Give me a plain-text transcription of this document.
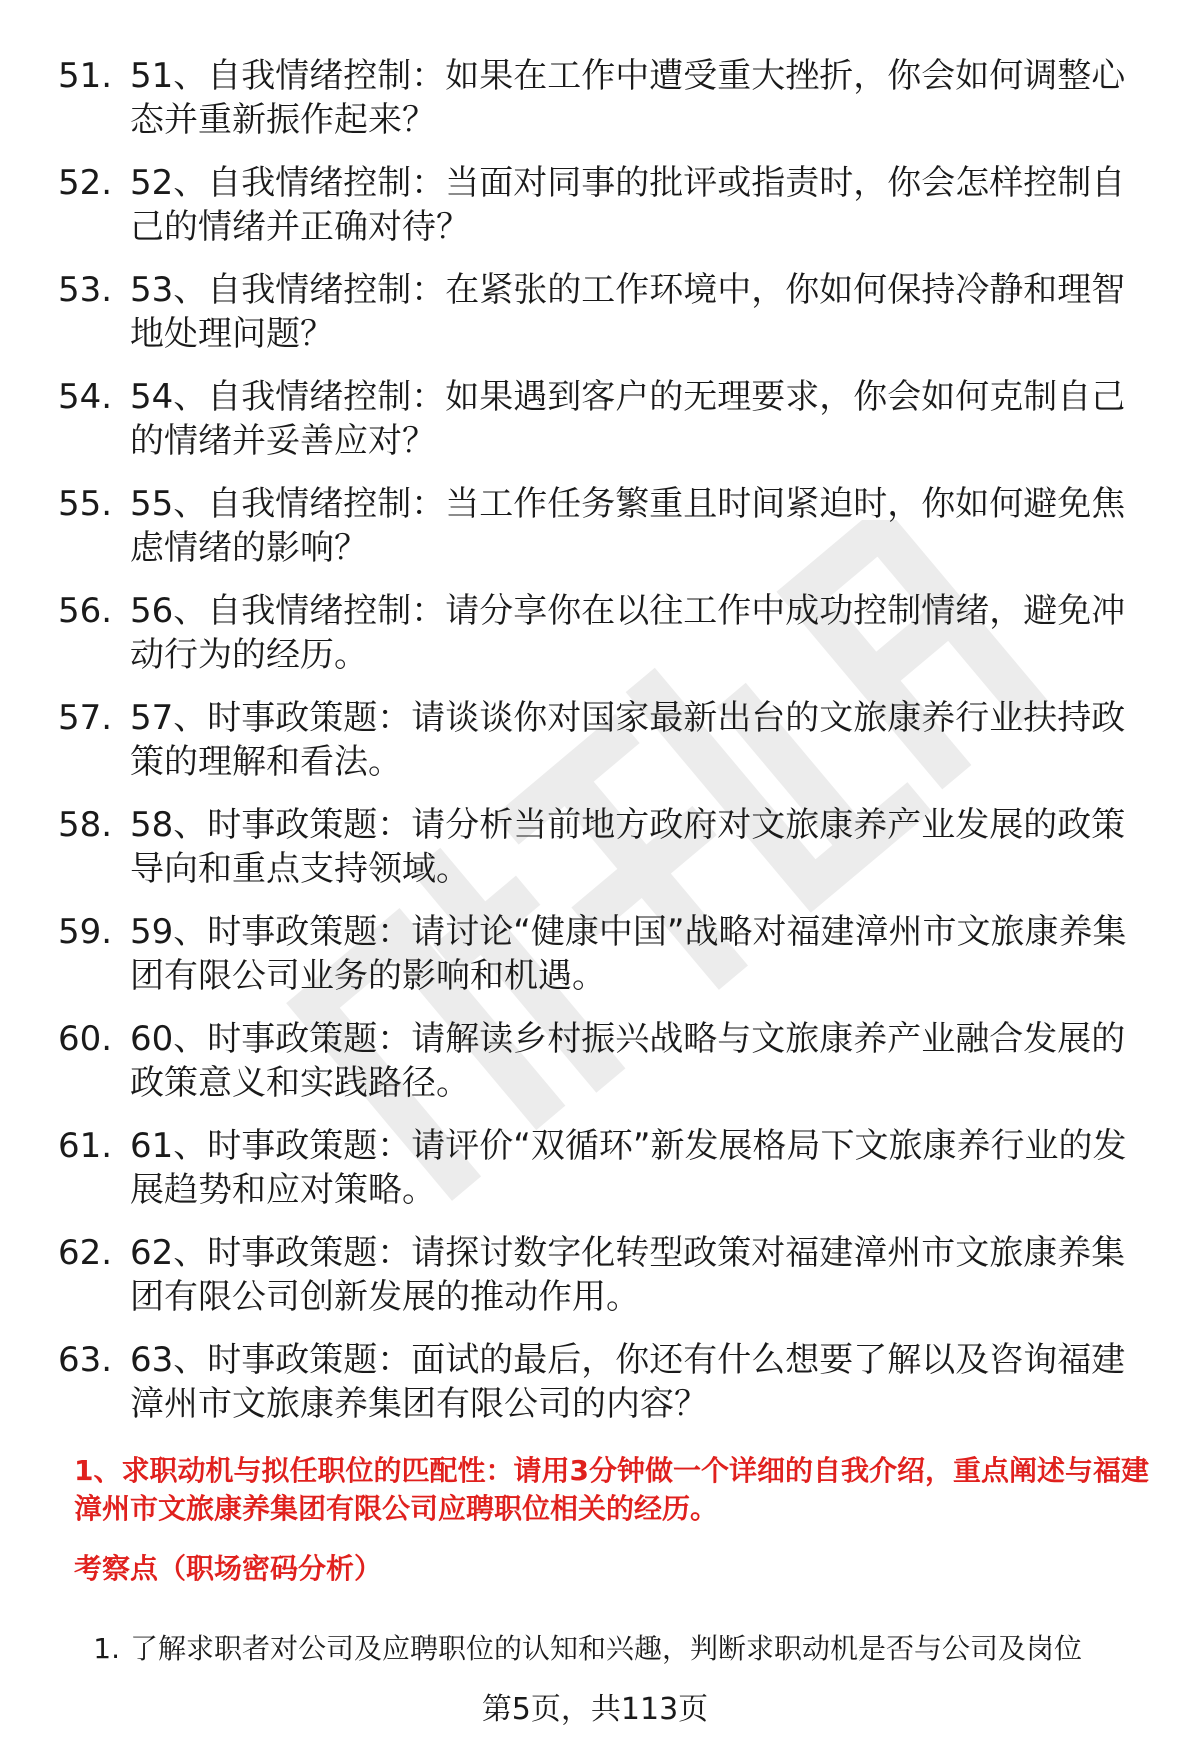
51. 51、自我情绪控制：如果在工作中遭受重大挫折，你会如何调整心态并重新振作起来？
52. 52、自我情绪控制：当面对同事的批评或指责时，你会怎样控制自己的情绪并正确对待？
53. 53、自我情绪控制：在紧张的工作环境中，你如何保持冷静和理智地处理问题？
54. 54、自我情绪控制：如果遇到客户的无理要求，你会如何克制自己的情绪并妥善应对？
55. 55、自我情绪控制：当工作任务繁重且时间紧迫时，你如何避免焦虑情绪的影响？
56. 56、自我情绪控制：请分享你在以往工作中成功控制情绪，避免冲动行为的经历。
57. 57、时事政策题：请谈谈你对国家最新出台的文旅康养行业扶持政策的理解和看法。
58. 58、时事政策题：请分析当前地方政府对文旅康养产业发展的政策导向和重点支持领域。
59. 59、时事政策题：请讨论“健康中国”战略对福建漳州市文旅康养集团有限公司业务的影响和机遇。
60. 60、时事政策题：请解读乡村振兴战略与文旅康养产业融合发展的政策意义和实践路径。
61. 61、时事政策题：请评价“双循环”新发展格局下文旅康养行业的发展趋势和应对策略。
62. 62、时事政策题：请探讨数字化转型政策对福建漳州市文旅康养集团有限公司创新发展的推动作用。
63. 63、时事政策题：面试的最后，你还有什么想要了解以及咨询福建漳州市文旅康养集团有限公司的内容？
1、求职动机与拟任职位的匹配性：请用3分钟做一个详细的自我介绍，重点阐述与福建漳州市文旅康养集团有限公司应聘职位相关的经历。
考察点（职场密码分析）
1. 了解求职者对公司及应聘职位的认知和兴趣，判断求职动机是否与公司及岗位
第5页，共113页
